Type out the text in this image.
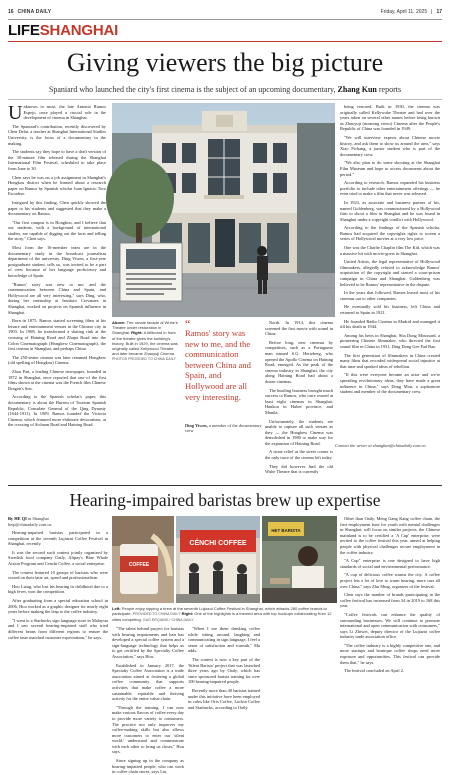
16 CHINA DAILY	Friday, April 11, 2025 | 17
LIFESHANGHAI
Giving viewers the big picture
Spaniard who launched the city's first cinema is the subject of an upcoming documentary, Zhang Kun reports

Unknown to most, the late Antonio Ramos Espejo, once played a crucial role in the development of cinema in Shanghai.

The Spaniard's contribution, recently discovered by Chen Delai, a teacher at Shanghai International Studies University, is the focus of a documentary in the making.

The students say they hope to have a draft version of the 30-minute film released during the Shanghai International Film Festival, scheduled to take place from June to 30.

Chen says he was on a job assignment in Shanghai's Hongkou district when he learned about a research paper on Ramos by Spanish scholar Juan Ignacio Toro Escudero.

Intrigued by this finding, Chen quickly showed the paper to his students and suggested that they make a documentary on Ramos.

"Our first campus is in Hongkou, and I believe that our students, with a background of international studies, are capable of digging out the facts and telling the story," Chen says.

Most from the 16-member team are in the documentary study in the broadcast journalism department of the university. Ding Yiwen, a first-year postgraduate student, tells us, was invited to be a part of crew because of her language proficiency and knowledge of Spain.

"Ramos' story was new to me, and the communication between China and Spain, and Hollywood are all very interesting," says Ding, who, during her internship at Instituto Cervantes in Shanghai, worked on projects on Spanish influence in Shanghai.

Born in 1875, Ramos started screening films at his leisure and entertainment venues in the Chinese city in 1903. In 1908, he transformed a skating rink at the crossing of Haining Road and Zhapu Road into the Colon Cinematograph (Hongkew Cinematograph), the first cinema in Shanghai, and perhaps China.

The 250-seater cinema was later renamed Hongkew (old spelling of Hongkou) Cinema.

Zhou Pan, a leading Chinese newspaper, founded in 1872 in Shanghai, once reported that one of the first films shown at the cinema was the French film Chinese Dragon's Son.

According to the Spanish scholar's paper, this documentary is about the Bureau of Tourism Spanish Republic, Consulate General of the Qing Dynasty (1644-1911). In 1909, Ramos founded the Victoria Cinema, which featured more elaborate decorations, at the crossing of Sichuan Road and Haining Road.

Above: The ornate facade of Wuhe's Theatre under restoration in Shanghai. Right: A billboard in front of the theatre gives the building's history. Built in 1929, the cinema was originally called Kellywood Theatre and later became Zhaoyuji Cinema. PHOTOS PROVIDED TO CHINA DAILY
“
Ramos' story was new to me, and the communication between China and Spain, and Hollywood are all very interesting.
Ding Yiwen, a member of the documentary crew

North. In 1914, this cinema screened the first movie with sound in China.

Before long, new cinemas by competitors, such as a Portuguese man named S.G. Hertzberg, who opened the Apollo Cinema on Haining Road, emerged. As the peak of the cinema industry in Shanghai, the city along Haining Road had about a dozen cinemas.

The bustling business brought much success to Ramos, who once owned at least eight cinemas in Shanghai, Hankou in Hubei province, and Manila.

Unfortunately, the students are unable to capture all such venues as they — the Hongkew Cinema was demolished in 1980 to make way for the expansion of Haining Road.

A stone relief at the street corner is the only trace of the cinema left today.

They did however find the old Wuhe Theatre that is currently

being restored. Built in 1930, the cinema was originally called Kellywuhe Theatre and had over the years taken on several other names before being known as Zhaoyuji (meaning views) Cinema after the People's Republic of China was founded in 1949.

"We will interview experts about Chinese movie history, and ask them to show us around the area," says Xiao Pichang, a junior student who is part of the documentary crew.

"We also plan to do some shooting at the Shanghai Film Museum and hope to access documents about the period."

According to research, Ramos expanded his business portfolio to include other entertainment offerings — he even tried to make a film that never was released.

In 1923, as associate and business partner of his, named Goldenberg, was commissioned by a Hollywood firm to shoot a film in Shanghai and he was found in Shanghai under a copyright conflict with Hollywood.

According to the findings of the Spanish scholar, Ramos had acquired the copyrights rights to screen a series of Hollywood movies at a very low price.

One was the Charlie Chaplin film The Kid, which was a massive hit with movie-goers in Shanghai.

United Artists, the legal representative of Hollywood filmmakers, allegedly refused to acknowledge Ramos' acquisition of the copyright and started a court-prison campaign in China and Shanghai. Goldenberg was believed to be Ramos' representative in the dispute.

In the years that followed, Ramos leased most of his cinemas out to other companies.

He eventually sold his business, left China and returned to Spain in 1921.

He founded Radio Cinema in Madrid and managed it till his death in 1944.

Among his heirs in Shanghai, Sha Dong Moussard, a pioneering Chinese filmmaker, who directed the first sound film in China in 1931, Ding Dong Gee Fad Rao.

The first generation of filmmakers in China created many films that recorded widespread social injustice at that time and sparked ideas of rebellion.

"If this were everyone became an actor and we're spreading revolutionary ideas, they have made a great influence in China," says Dong Mon, a sophomore student and member of the documentary crew.

Contact the writer at zhangkun@chinadaily.com.cn
Hearing-impaired baristas brew up expertise
By HE QI in Shanghai
heqi@chinadaily.com.cn

Hearing-impaired baristas participated in a competition at the seventh Lujiazui Coffee Festival in Shanghai, recently.

It was the second such contest jointly organized by Swedish food company Oatly, Alipay's Blue Whale Action Program and Cenchi Coffee, a social enterprise.

The contest featured 10 groups of baristas who were scored on their latte art, speed and professionalism.

Hou Liang, who lost his hearing in childhood due to a high fever, won the competition.

After graduating from a special education school in 2006, Hou worked as a graphic designer for nearly eight years before making the leap to the coffee industry.

"I went to a Starbucks sign language store in Malaysia and I saw several hearing-impaired staff who tried different beans from different regions to ensure the coffee taste matched customer expectations," he says.

COFFEE
CÉNCHI COFFEE
HET BARISTA
Left: People enjoy sipping a brew at the seventh Lujiazui Coffee Festival in Shanghai, which attracts 280 coffee brands to participate. PROVIDED TO CHINA DAILY Right: One of the highlights is a themed area with top hookups collaborating from 12 cities competing. GAO ERQIANG / CHINA DAILY

"The talent behind project for baristas with hearing impairments and hair has developed a special coffee system and a sign-language technology that helps us to get certified by the Specialty Coffee Association," says Hou.

Established in January 2017, the Specialty Coffee Association is a trade association aimed at fostering a global coffee community that supports activities that make coffee a more sustainable, equitable and thriving activity for the entire value chain.

"Through the training, I can now make various flavors of coffee every day to provide more variety to consumers. The practice not only improves my coffee-making skills but also allows more customers to enter our 'silent world,' understand and communicate with each other to bring us closer," Hou says.

Since signing up in the company as hearing-impaired people, who can work in coffee chain stores, says Liu.

"When I see them drinking coffee while sitting around, laughing and communicating in sign language, I feel a sense of satisfaction and warmth," Ma adds.

The contest is now a key part of the 'Silent Barista' project that was launched three years ago by Oatly, which has since sponsored barista training for over 100 hearing-impaired people.

Recently more than 40 baristas trained under this initiative have been employed in cafes like Oris Coffee, Luckin Coffee and Starbucks, according to Oatly.

Other than Oatly, Meng Gang Kang coffee chain, the first employment base for youth with mental challenges in Shanghai, will focus on similar projects, the Chinese mainland is to be certified a 'A Cup' enterprise, were invited to the coffee festival this year, aimed at helping people with physical challenges secure employment in the coffee industry.

"A Cup" enterprise is one designed to have high standards of social and environmental performance.

"A cup of delicious coffee warms the city. A coffee project lets a lot of love to warm hearing, more cars all over China," says Zhu Ming, organizer of the festival.

Chen says the number of brands participating in the coffee festival has increased from 34 in 2019 to 168 this year.

"Coffee festivals can enhance the quality of surrounding businesses. We will continue to promote international and open communication with consumers," says Li Zhiwei, deputy director of the Lujiazui coffee industry trade association office.

"The coffee industry is a highly competitive one, and more startups and boutique coffee shops need more exposure and opportunities. This festival can provide them that," he says.

The festival concluded on April 2.
